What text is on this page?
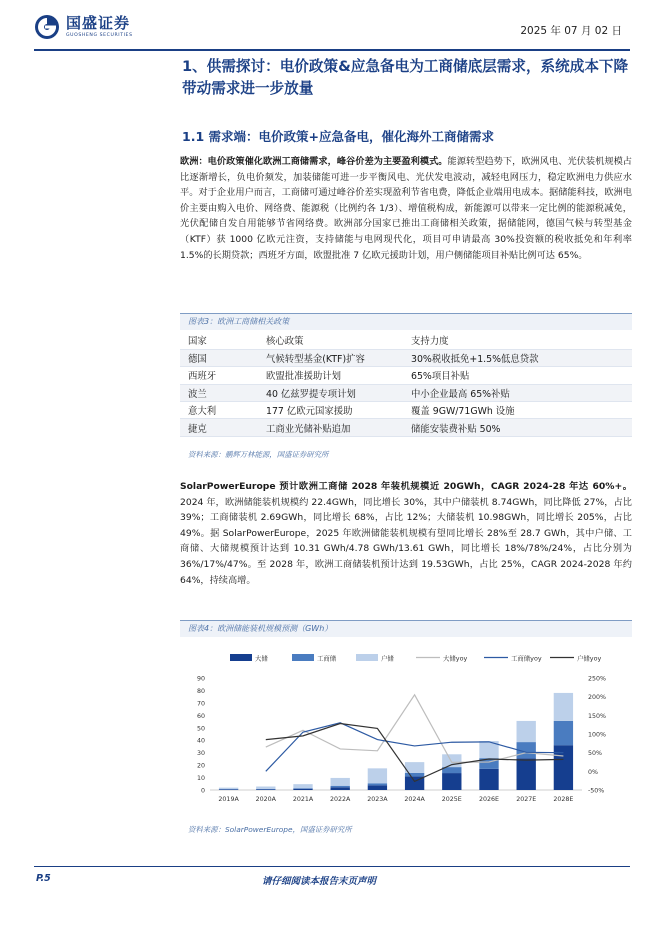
国盛证券
GUOSHENG SECURITIES	2025 年 07 月 02 日
1、供需探讨：电价政策&应急备电为工商储底层需求，系统成本下降带动需求进一步放量
1.1 需求端：电价政策+应急备电，催化海外工商储需求
欧洲：电价政策催化欧洲工商储需求，峰谷价差为主要盈利模式。能源转型趋势下，欧洲风电、光伏装机规模占比逐渐增长，负电价频发，加装储能可进一步平衡风电、光伏发电波动，减轻电网压力，稳定欧洲电力供应水平。对于企业用户而言，工商储可通过峰谷价差实现盈利节省电费，降低企业端用电成本。据储能科技，欧洲电价主要由购入电价、网络费、能源税（比例约各 1/3）、增值税构成，新能源可以带来一定比例的能源税减免，光伏配储自发自用能够节省网络费。欧洲部分国家已推出工商储相关政策，据储能网，德国气候与转型基金（KTF）获 1000 亿欧元注资，支持储能与电网现代化，项目可申请最高 30%投资额的税收抵免和年利率 1.5%的长期贷款；西班牙方面，欧盟批准 7 亿欧元援助计划，用户侧储能项目补贴比例可达 65%。
图表3：欧洲工商储相关政策
国家	核心政策	支持力度
德国	气候转型基金(KTF)扩容	30%税收抵免+1.5%低息贷款
西班牙	欧盟批准援助计划	65%项目补贴
波兰	40 亿兹罗提专项计划	中小企业最高 65%补贴
意大利	177 亿欧元国家援助	覆盖 9GW/71GWh 设施
捷克	工商业光储补贴追加	储能安装费补贴 50%
资料来源：鹏辉万林能源，国盛证券研究所
SolarPowerEurope 预计欧洲工商储 2028 年装机规模近 20GWh，CAGR 2024-28 年达 60%+。2024 年，欧洲储能装机规模约 22.4GWh，同比增长 30%，其中户储装机 8.74GWh，同比降低 27%，占比 39%；工商储装机 2.69GWh，同比增长 68%，占比 12%；大储装机 10.98GWh，同比增长 205%，占比 49%。据 SolarPowerEurope，2025 年欧洲储能装机规模有望同比增长 28%至 28.7 GWh，其中户储、工商储、大储规模预计达到 10.31 GWh/4.78 GWh/13.61 GWh，同比增长 18%/78%/24%，占比分别为 36%/17%/47%。至 2028 年，欧洲工商储装机预计达到 19.53GWh，占比 25%，CAGR 2024-2028 年约 64%，持续高增。
图表4：欧洲储能装机规模预测（GWh）
大储	工商储	户储	大储yoy	工商储yoy	户储yoy
0
10
20
30
40
50
60
70
80
90
-50%
0%
50%
100%
150%
200%
250%
2019A	2020A	2021A	2022A	2023A	2024A	2025E	2026E	2027E	2028E
资料来源：SolarPowerEurope，国盛证券研究所
P.5	请仔细阅读本报告末页声明
